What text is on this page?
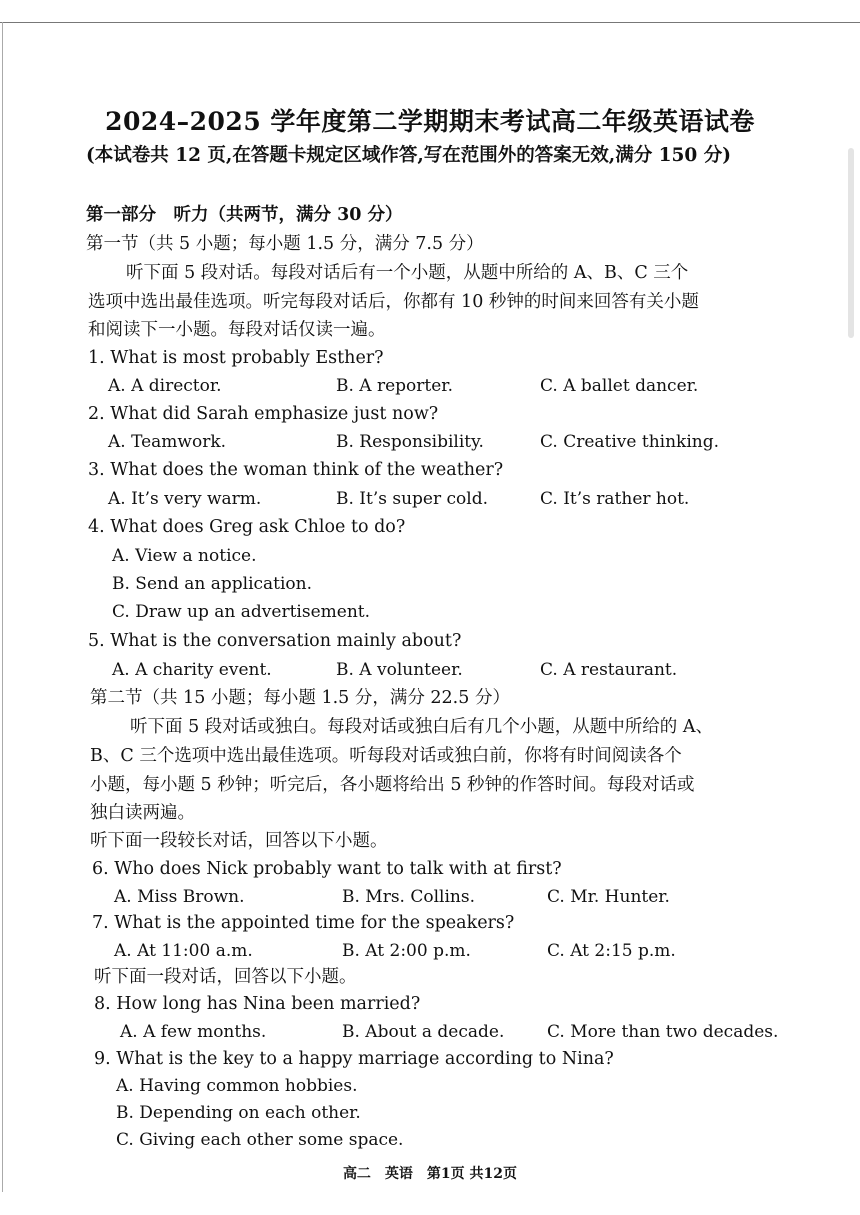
2024–2025 学年度第二学期期末考试高二年级英语试卷
(本试卷共 12 页,在答题卡规定区域作答,写在范围外的答案无效,满分 150 分)
第一部分　听力（共两节，满分 30 分）
第一节（共 5 小题；每小题 1.5 分，满分 7.5 分）
听下面 5 段对话。每段对话后有一个小题，从题中所给的 A、B、C 三个
选项中选出最佳选项。听完每段对话后，你都有 10 秒钟的时间来回答有关小题
和阅读下一小题。每段对话仅读一遍。
1. What is most probably Esther?
A. A director.	B. A reporter.	C. A ballet dancer.
2. What did Sarah emphasize just now?
A. Teamwork.	B. Responsibility.	C. Creative thinking.
3. What does the woman think of the weather?
A. It’s very warm.	B. It’s super cold.	C. It’s rather hot.
4. What does Greg ask Chloe to do?
A. View a notice.
B. Send an application.
C. Draw up an advertisement.
5. What is the conversation mainly about?
A. A charity event.	B. A volunteer.	C. A restaurant.
第二节（共 15 小题；每小题 1.5 分，满分 22.5 分）
听下面 5 段对话或独白。每段对话或独白后有几个小题，从题中所给的 A、
B、C 三个选项中选出最佳选项。听每段对话或独白前，你将有时间阅读各个
小题，每小题 5 秒钟；听完后，各小题将给出 5 秒钟的作答时间。每段对话或
独白读两遍。
听下面一段较长对话，回答以下小题。
6. Who does Nick probably want to talk with at first?
A. Miss Brown.	B. Mrs. Collins.	C. Mr. Hunter.
7. What is the appointed time for the speakers?
A. At 11:00 a.m.	B. At 2:00 p.m.	C. At 2:15 p.m.
听下面一段对话，回答以下小题。
8. How long has Nina been married?
A. A few months.	B. About a decade.	C. More than two decades.
9. What is the key to a happy marriage according to Nina?
A. Having common hobbies.
B. Depending on each other.
C. Giving each other some space.
高二　英语　第1页 共12页
